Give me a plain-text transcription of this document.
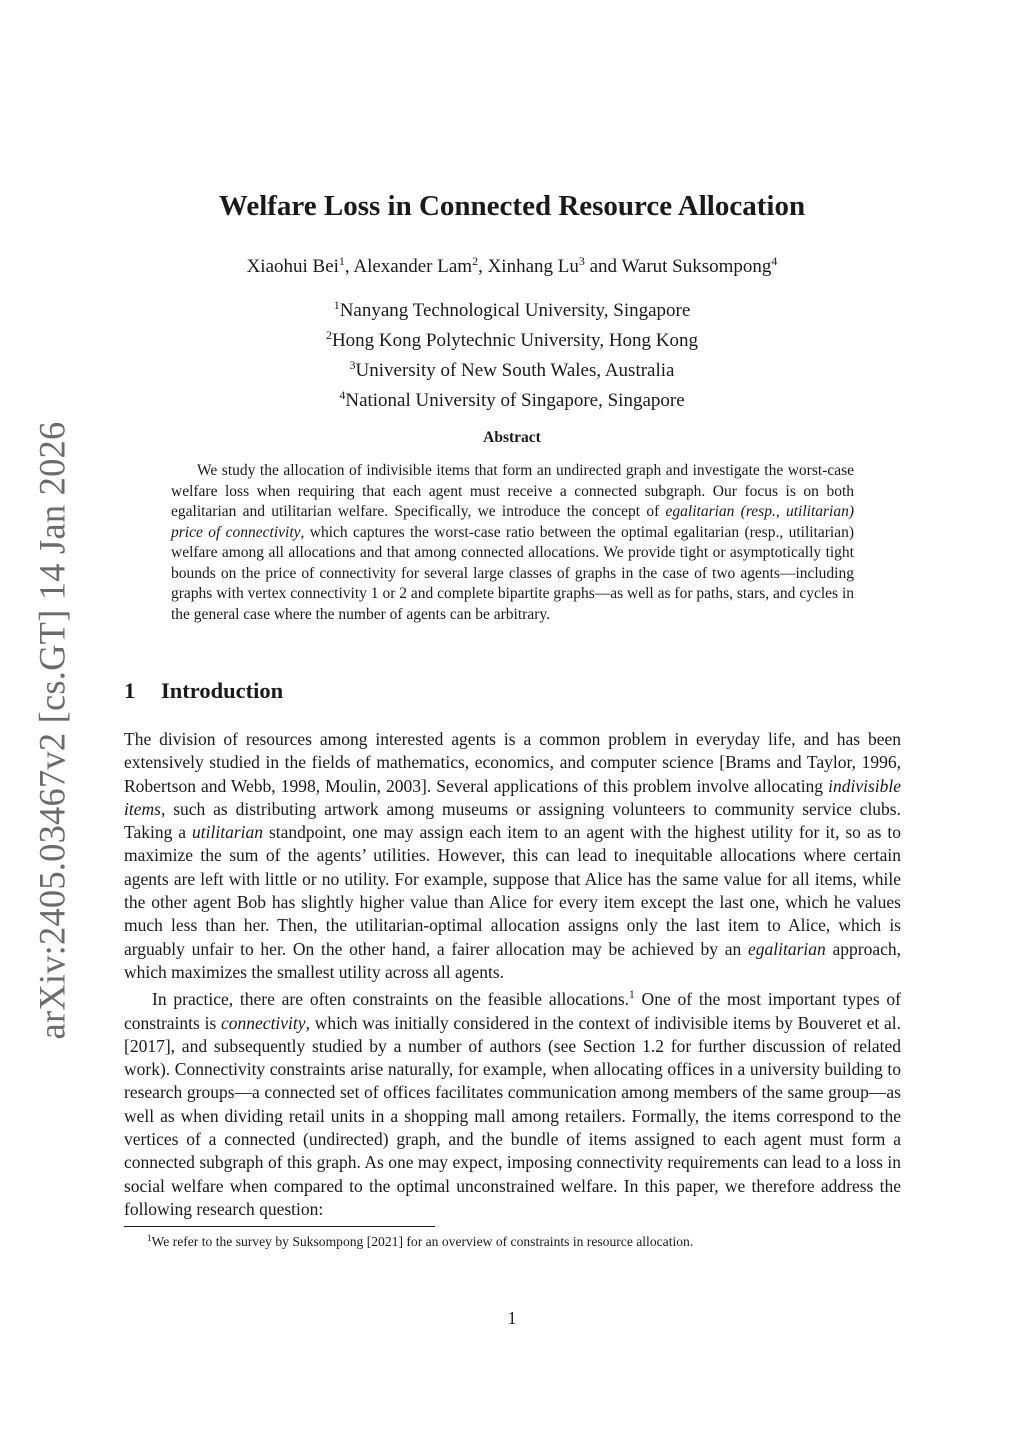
arXiv:2405.03467v2 [cs.GT] 14 Jan 2026
Welfare Loss in Connected Resource Allocation
Xiaohui Bei$^1$, Alexander Lam$^2$, Xinhang Lu$^3$ and Warut Suksompong$^4$
$^1$Nanyang Technological University, Singapore
$^2$Hong Kong Polytechnic University, Hong Kong
$^3$University of New South Wales, Australia
$^4$National University of Singapore, Singapore
Abstract
We study the allocation of indivisible items that form an undirected graph and investigate the worst-case welfare loss when requiring that each agent must receive a connected subgraph. Our focus is on both egalitarian and utilitarian welfare. Specifically, we introduce the concept of egalitarian (resp., utilitarian) price of connectivity, which captures the worst-case ratio between the optimal egalitarian (resp., utilitarian) welfare among all allocations and that among connected allocations. We provide tight or asymptotically tight bounds on the price of connectivity for several large classes of graphs in the case of two agents—including graphs with vertex connectivity 1 or 2 and complete bipartite graphs—as well as for paths, stars, and cycles in the general case where the number of agents can be arbitrary.
1 Introduction

The division of resources among interested agents is a common problem in everyday life, and has been extensively studied in the fields of mathematics, economics, and computer science [Brams and Taylor, 1996, Robertson and Webb, 1998, Moulin, 2003]. Several applications of this problem involve allocating indivisible items, such as distributing artwork among museums or assigning volunteers to community service clubs. Taking a utilitarian standpoint, one may assign each item to an agent with the highest utility for it, so as to maximize the sum of the agents’ utilities. However, this can lead to inequitable allocations where certain agents are left with little or no utility. For example, suppose that Alice has the same value for all items, while the other agent Bob has slightly higher value than Alice for every item except the last one, which he values much less than her. Then, the utilitarian-optimal allocation assigns only the last item to Alice, which is arguably unfair to her. On the other hand, a fairer allocation may be achieved by an egalitarian approach, which maximizes the smallest utility across all agents.

In practice, there are often constraints on the feasible allocations.$^1$ One of the most important types of constraints is connectivity, which was initially considered in the context of indivisible items by Bouveret et al. [2017], and subsequently studied by a number of authors (see Section 1.2 for further discussion of related work). Connectivity constraints arise naturally, for example, when allocating offices in a university building to research groups—a connected set of offices facilitates communication among members of the same group—as well as when dividing retail units in a shopping mall among retailers. Formally, the items correspond to the vertices of a connected (undirected) graph, and the bundle of items assigned to each agent must form a connected subgraph of this graph. As one may expect, imposing connectivity requirements can lead to a loss in social welfare when compared to the optimal unconstrained welfare. In this paper, we therefore address the following research question:

$^1$We refer to the survey by Suksompong [2021] for an overview of constraints in resource allocation.
1
